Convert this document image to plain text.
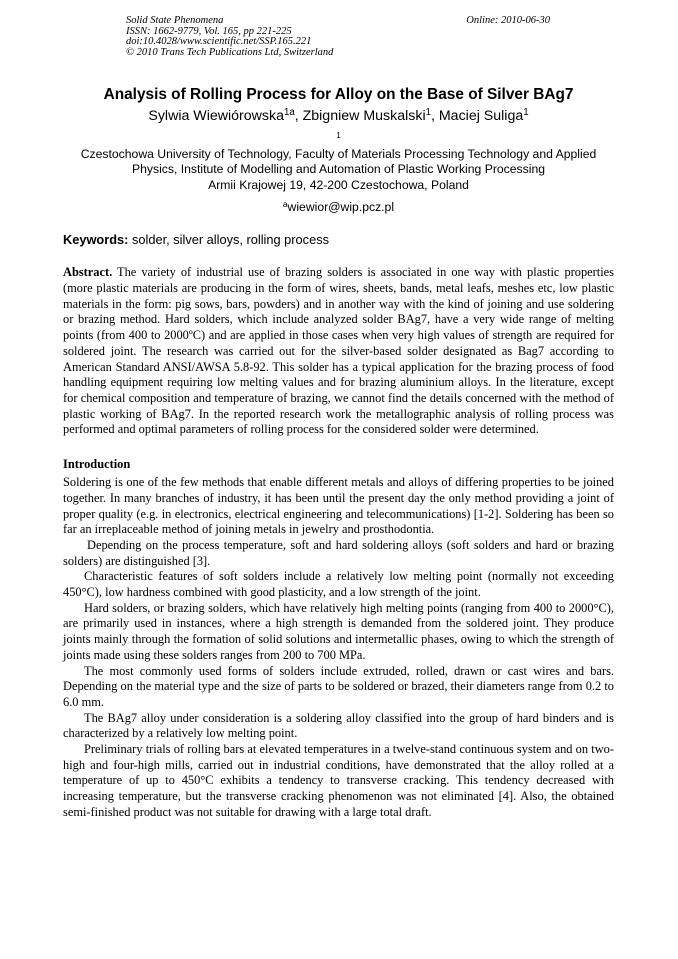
Solid State Phenomena
ISSN: 1662-9779, Vol. 165, pp 221-225
doi:10.4028/www.scientific.net/SSP.165.221
© 2010 Trans Tech Publications Ltd, Switzerland
Online: 2010-06-30
Analysis of Rolling Process for Alloy on the Base of Silver BAg7
Sylwia Wiewiórowska$^{1a}$, Zbigniew Muskalski$^1$, Maciej Suliga$^1$
$^1$
Czestochowa University of Technology, Faculty of Materials Processing Technology and Applied
Physics, Institute of Modelling and Automation of Plastic Working Processing
Armii Krajowej 19, 42-200 Czestochowa, Poland
$^a$wiewior@wip.pcz.pl
Keywords: solder, silver alloys, rolling process
Abstract. The variety of industrial use of brazing solders is associated in one way with plastic properties (more plastic materials are producing in the form of wires, sheets, bands, metal leafs, meshes etc, low plastic materials in the form: pig sows, bars, powders) and in another way with the kind of joining and use soldering or brazing method. Hard solders, which include analyzed solder BAg7, have a very wide range of melting points (from 400 to 2000ºC) and are applied in those cases when very high values of strength are required for soldered joint. The research was carried out for the silver-based solder designated as Bag7 according to American Standard ANSI/AWSA 5.8-92. This solder has a typical application for the brazing process of food handling equipment requiring low melting values and for brazing aluminium alloys. In the literature, except for chemical composition and temperature of brazing, we cannot find the details concerned with the method of plastic working of BAg7. In the reported research work the metallographic analysis of rolling process was performed and optimal parameters of rolling process for the considered solder were determined.
Introduction

Soldering is one of the few methods that enable different metals and alloys of differing properties to be joined together. In many branches of industry, it has been until the present day the only method providing a joint of proper quality (e.g. in electronics, electrical engineering and telecommunications) [1-2]. Soldering has been so far an irreplaceable method of joining metals in jewelry and prosthodontia.

Depending on the process temperature, soft and hard soldering alloys (soft solders and hard or brazing solders) are distinguished [3].

Characteristic features of soft solders include a relatively low melting point (normally not exceeding 450°C), low hardness combined with good plasticity, and a low strength of the joint.

Hard solders, or brazing solders, which have relatively high melting points (ranging from 400 to 2000°C), are primarily used in instances, where a high strength is demanded from the soldered joint. They produce joints mainly through the formation of solid solutions and intermetallic phases, owing to which the strength of joints made using these solders ranges from 200 to 700 MPa.

The most commonly used forms of solders include extruded, rolled, drawn or cast wires and bars. Depending on the material type and the size of parts to be soldered or brazed, their diameters range from 0.2 to 6.0 mm.

The BAg7 alloy under consideration is a soldering alloy classified into the group of hard binders and is characterized by a relatively low melting point.

Preliminary trials of rolling bars at elevated temperatures in a twelve-stand continuous system and on two-high and four-high mills, carried out in industrial conditions, have demonstrated that the alloy rolled at a temperature of up to 450°C exhibits a tendency to transverse cracking. This tendency decreased with increasing temperature, but the transverse cracking phenomenon was not eliminated [4]. Also, the obtained semi-finished product was not suitable for drawing with a large total draft.
